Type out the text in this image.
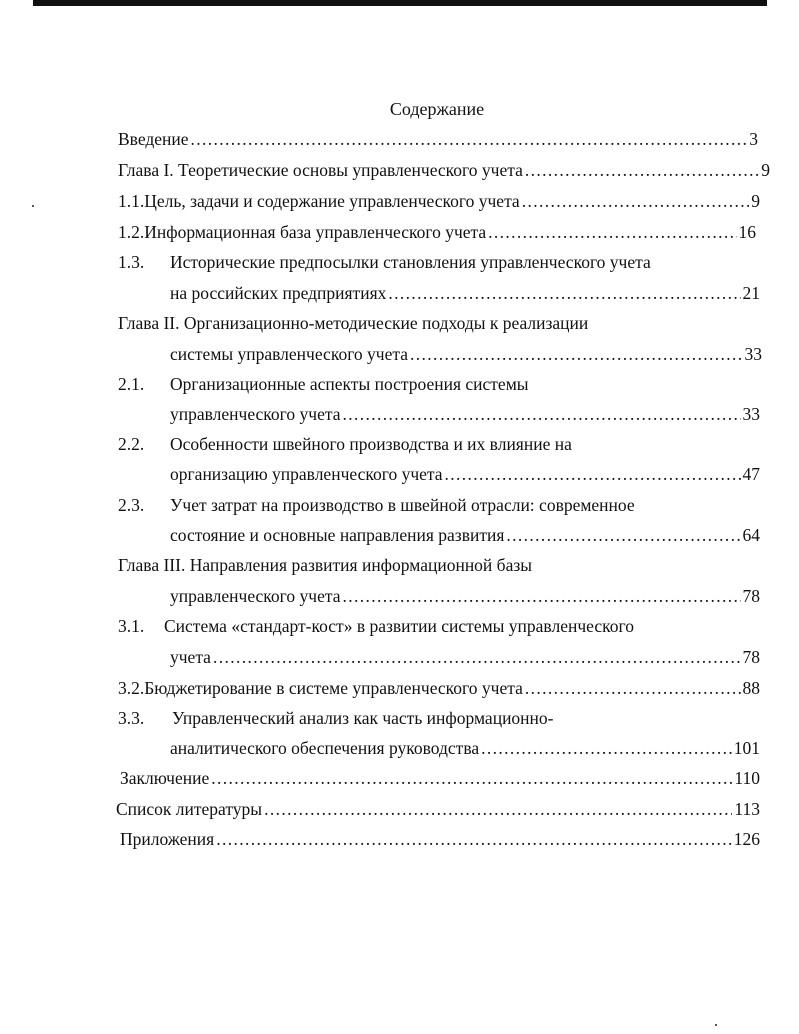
Содержание
Введение . . .	3
Глава I. Теоретические основы управленческого учета . . .	9
1.1. Цель, задачи и содержание управленческого учета . . .	9
1.2. Информационная база управленческого учета . . .	16
1.3. Исторические предпосылки становления управленческого учета
на российских предприятиях . . .	21
Глава II. Организационно-методические подходы к реализации
системы управленческого учета . . .	33
2.1. Организационные аспекты построения системы
управленческого учета . . .	33
2.2. Особенности швейного производства и их влияние на
организацию управленческого учета . . .	47
2.3. Учет затрат на производство в швейной отрасли: современное
состояние и основные направления развития . . .	64
Глава III. Направления развития информационной базы
управленческого учета . . .	78
3.1. Система «стандарт-кост» в развитии системы управленческого
учета . . .	78
3.2. Бюджетирование в системе управленческого учета . . .	88
3.3. Управленческий анализ как часть информационно-
аналитического обеспечения руководства . . .	101
Заключение . . .	110
Список литературы . . .	113
Приложения . . .	126
